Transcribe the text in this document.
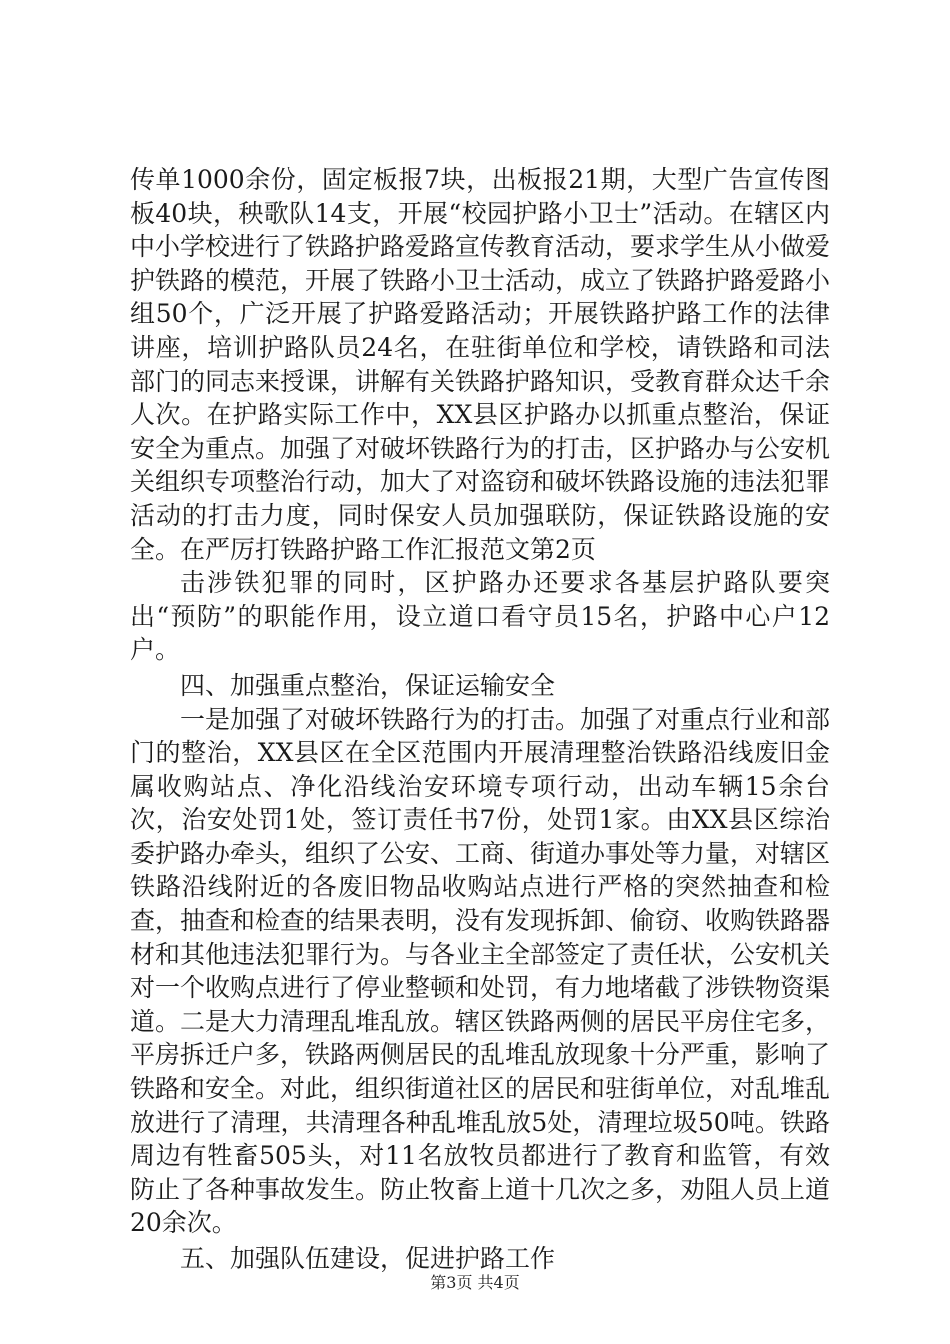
传单1000余份，固定板报7块，出板报21期，大型广告宣传图板40块，秧歌队14支，开展“校园护路小卫士”活动。在辖区内中小学校进行了铁路护路爱路宣传教育活动，要求学生从小做爱护铁路的模范，开展了铁路小卫士活动，成立了铁路护路爱路小组50个，广泛开展了护路爱路活动；开展铁路护路工作的法律讲座，培训护路队员24名，在驻街单位和学校，请铁路和司法部门的同志来授课，讲解有关铁路护路知识，受教育群众达千余人次。在护路实际工作中，XX县区护路办以抓重点整治，保证安全为重点。加强了对破坏铁路行为的打击，区护路办与公安机关组织专项整治行动，加大了对盗窃和破坏铁路设施的违法犯罪活动的打击力度，同时保安人员加强联防，保证铁路设施的安全。在严厉打铁路护路工作汇报范文第2页

击涉铁犯罪的同时，区护路办还要求各基层护路队要突出“预防”的职能作用，设立道口看守员15名，护路中心户12户。

四、加强重点整治，保证运输安全

一是加强了对破坏铁路行为的打击。加强了对重点行业和部门的整治，XX县区在全区范围内开展清理整治铁路沿线废旧金属收购站点、净化沿线治安环境专项行动，出动车辆15余台次，治安处罚1处，签订责任书7份，处罚1家。由XX县区综治委护路办牵头，组织了公安、工商、街道办事处等力量，对辖区铁路沿线附近的各废旧物品收购站点进行严格的突然抽查和检查，抽查和检查的结果表明，没有发现拆卸、偷窃、收购铁路器材和其他违法犯罪行为。与各业主全部签定了责任状，公安机关对一个收购点进行了停业整顿和处罚，有力地堵截了涉铁物资渠道。二是大力清理乱堆乱放。辖区铁路两侧的居民平房住宅多，平房拆迁户多，铁路两侧居民的乱堆乱放现象十分严重，影响了铁路和安全。对此，组织街道社区的居民和驻街单位，对乱堆乱放进行了清理，共清理各种乱堆乱放5处，清理垃圾50吨。铁路周边有牲畜505头，对11名放牧员都进行了教育和监管，有效防止了各种事故发生。防止牧畜上道十几次之多，劝阻人员上道20余次。

五、加强队伍建设，促进护路工作

第3页 共4页
